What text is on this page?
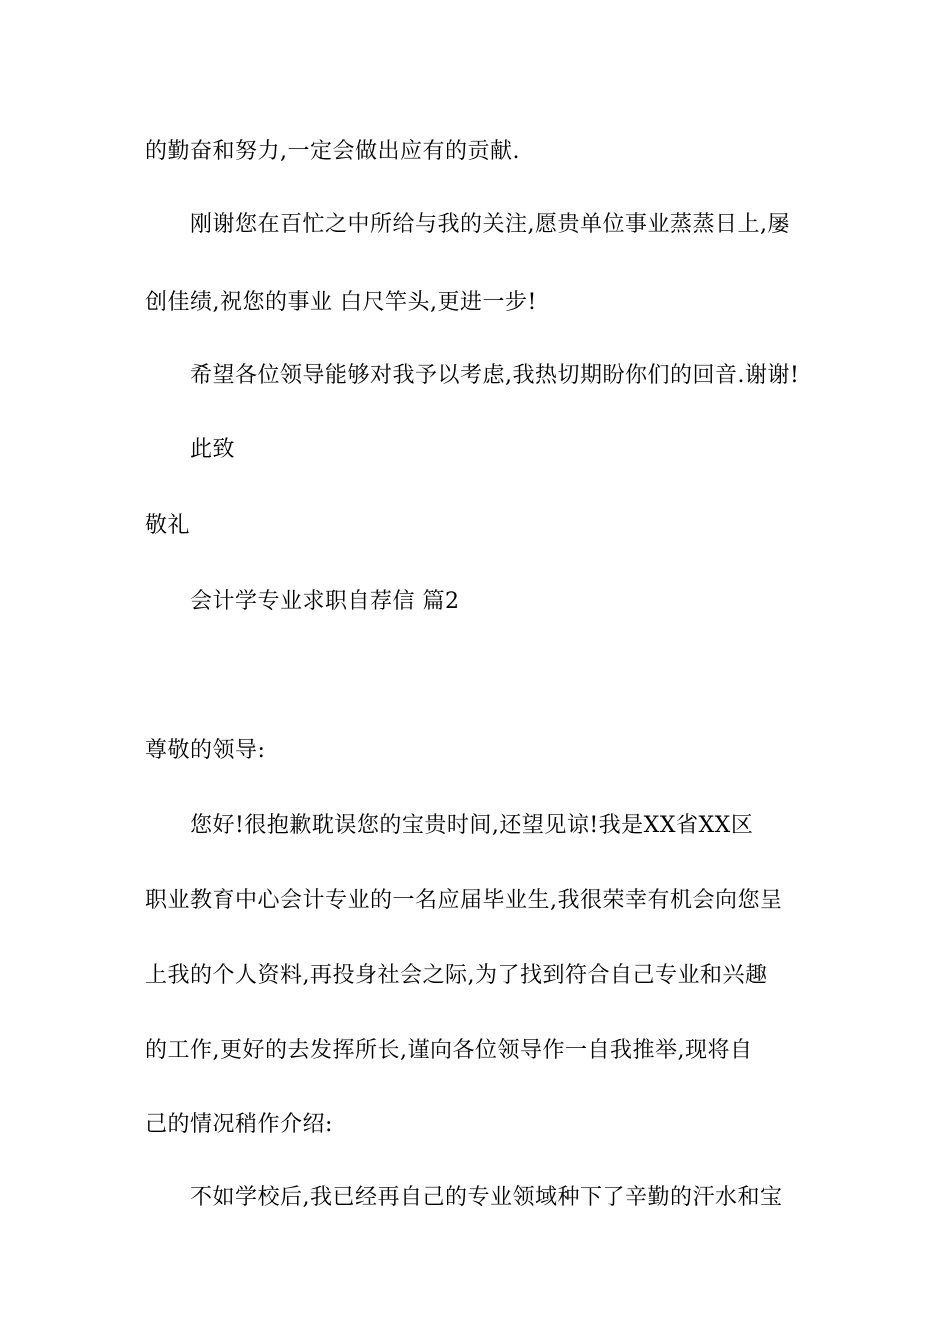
的勤奋和努力,一定会做出应有的贡献.
刚谢您在百忙之中所给与我的关注,愿贵单位事业蒸蒸日上,屡
创佳绩,祝您的事业 白尺竿头,更进一步!
希望各位领导能够对我予以考虑,我热切期盼你们的回音.谢谢!
此致
敬礼
会计学专业求职自荐信 篇2
尊敬的领导:
您好!很抱歉耽误您的宝贵时间,还望见谅!我是XX省XX区
职业教育中心会计专业的一名应届毕业生,我很荣幸有机会向您呈
上我的个人资料,再投身社会之际,为了找到符合自己专业和兴趣
的工作,更好的去发挥所长,谨向各位领导作一自我推举,现将自
己的情况稍作介绍:
不如学校后,我已经再自己的专业领域种下了辛勤的汗水和宝
